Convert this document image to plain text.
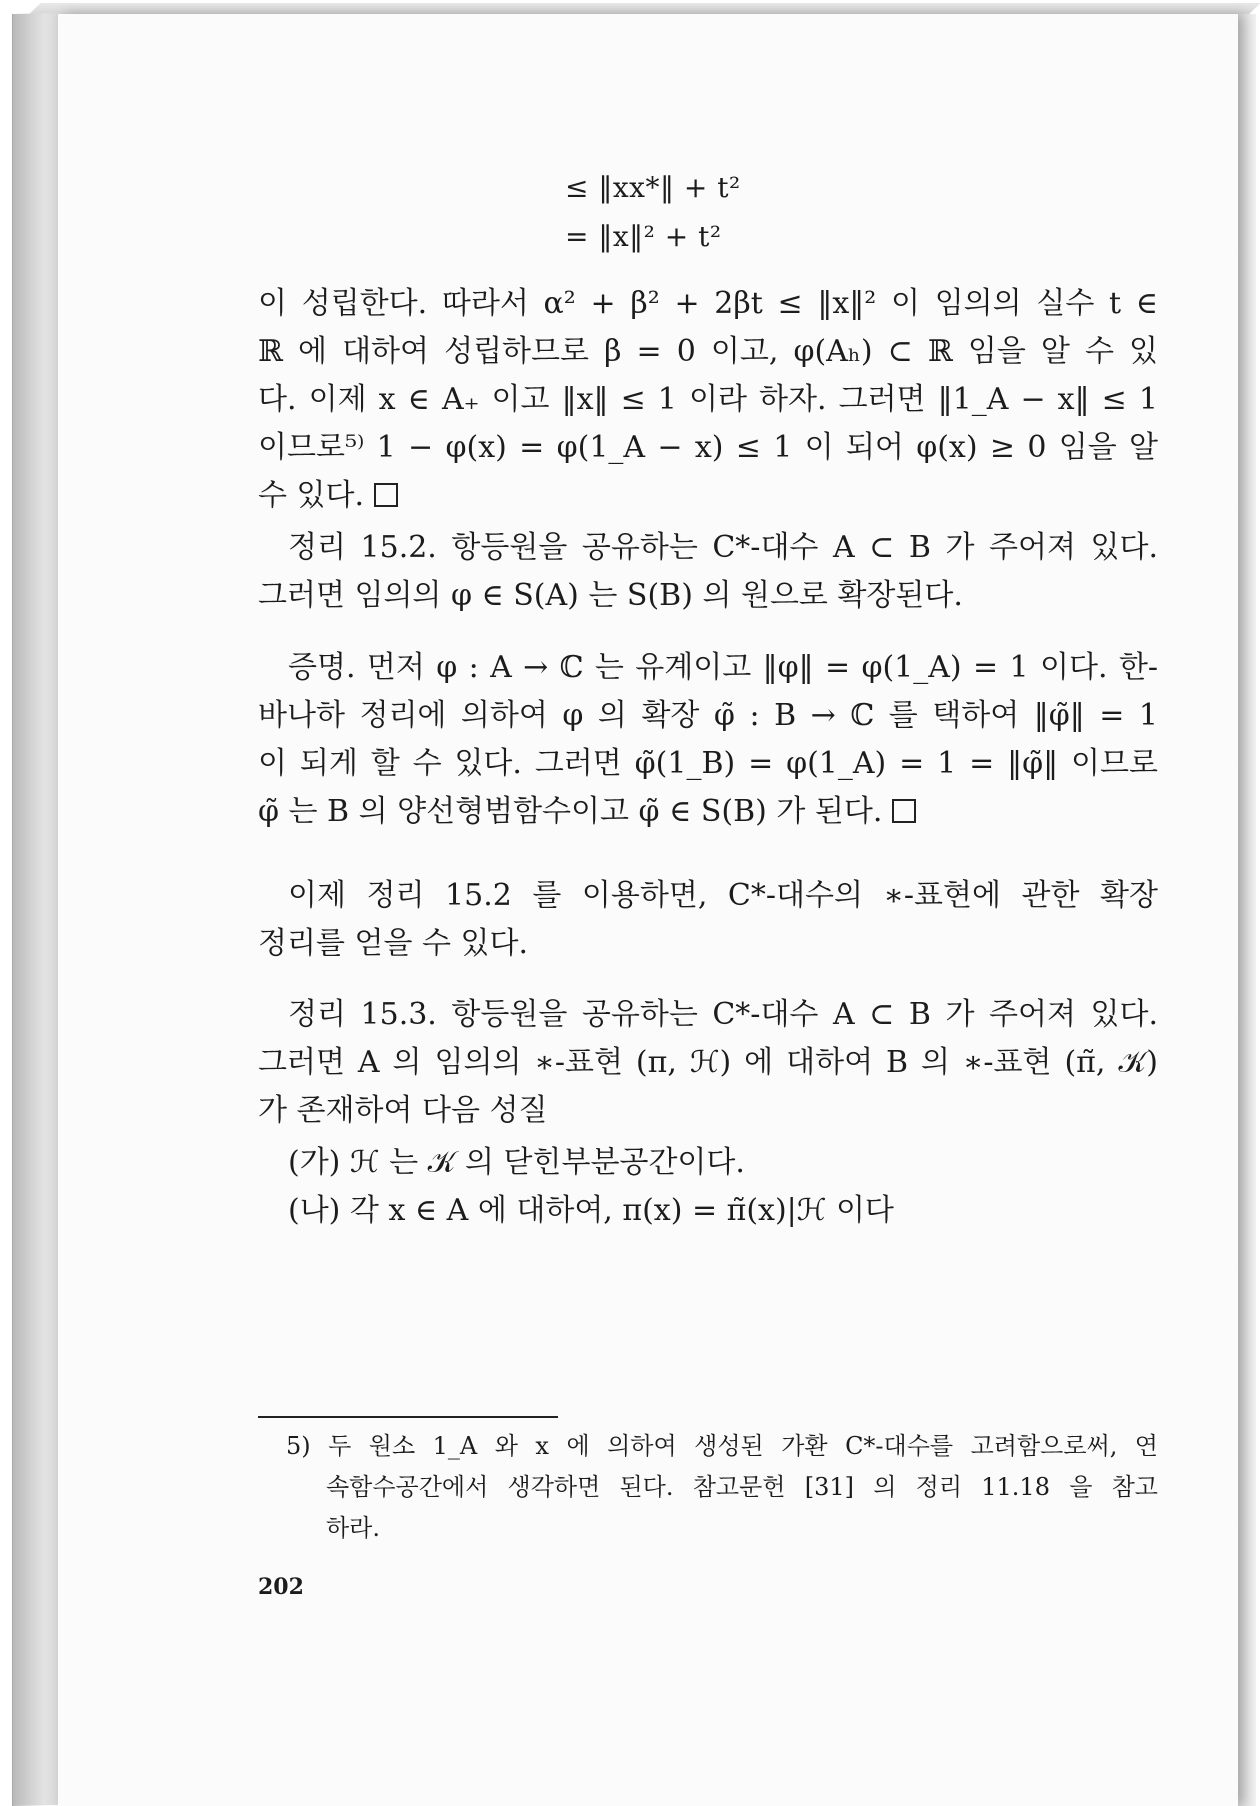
≤ ‖xx*‖ + t²
= ‖x‖² + t²
이 성립한다. 따라서 α² + β² + 2βt ≤ ‖x‖² 이 임의의 실수 t ∈
ℝ 에 대하여 성립하므로 β = 0 이고, φ(Aₕ) ⊂ ℝ 임을 알 수 있
다. 이제 x ∈ A₊ 이고 ‖x‖ ≤ 1 이라 하자. 그러면 ‖1_A − x‖ ≤ 1
이므로⁵⁾ 1 − φ(x) = φ(1_A − x) ≤ 1 이 되어 φ(x) ≥ 0 임을 알
수 있다.
정리 15.2. 항등원을 공유하는 C*-대수 A ⊂ B 가 주어져 있다.
그러면 임의의 φ ∈ S(A) 는 S(B) 의 원으로 확장된다.
증명. 먼저 φ : A → ℂ 는 유계이고 ‖φ‖ = φ(1_A) = 1 이다. 한-
바나하 정리에 의하여 φ 의 확장 φ̃ : B → ℂ 를 택하여 ‖φ̃‖ = 1
이 되게 할 수 있다. 그러면 φ̃(1_B) = φ(1_A) = 1 = ‖φ̃‖ 이므로
φ̃ 는 B 의 양선형범함수이고 φ̃ ∈ S(B) 가 된다.
이제 정리 15.2 를 이용하면, C*-대수의 ∗-표현에 관한 확장
정리를 얻을 수 있다.
정리 15.3. 항등원을 공유하는 C*-대수 A ⊂ B 가 주어져 있다.
그러면 A 의 임의의 ∗-표현 (π, ℋ) 에 대하여 B 의 ∗-표현 (π̃, 𝒦)
가 존재하여 다음 성질
(가) ℋ 는 𝒦 의 닫힌부분공간이다.
(나) 각 x ∈ A 에 대하여, π(x) = π̃(x)|ℋ 이다
5) 두 원소 1_A 와 x 에 의하여 생성된 가환 C*-대수를 고려함으로써, 연
속함수공간에서 생각하면 된다. 참고문헌 [31] 의 정리 11.18 을 참고
하라.
202
